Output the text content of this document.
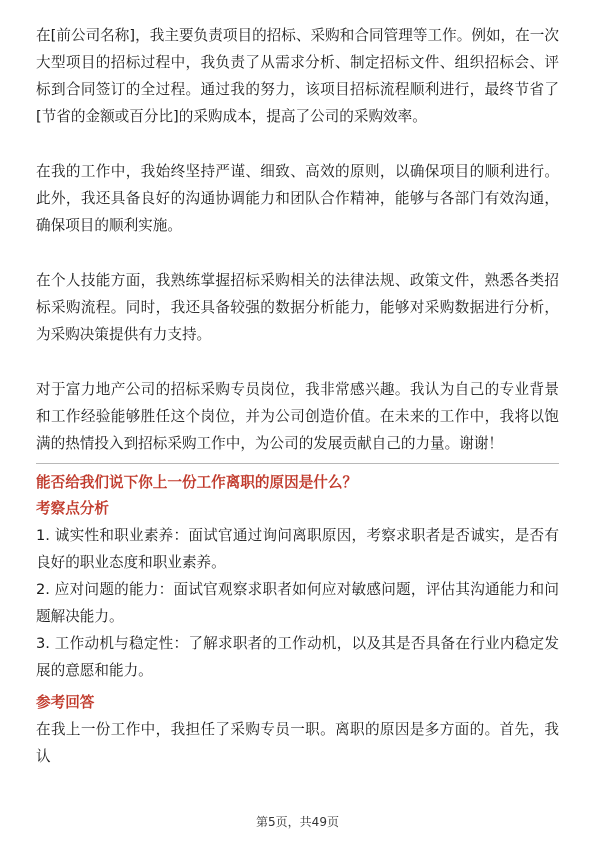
在[前公司名称]，我主要负责项目的招标、采购和合同管理等工作。例如，在一次大型项目的招标过程中，我负责了从需求分析、制定招标文件、组织招标会、评标到合同签订的全过程。通过我的努力，该项目招标流程顺利进行，最终节省了[节省的金额或百分比]的采购成本，提高了公司的采购效率。

在我的工作中，我始终坚持严谨、细致、高效的原则，以确保项目的顺利进行。此外，我还具备良好的沟通协调能力和团队合作精神，能够与各部门有效沟通，确保项目的顺利实施。

在个人技能方面，我熟练掌握招标采购相关的法律法规、政策文件，熟悉各类招标采购流程。同时，我还具备较强的数据分析能力，能够对采购数据进行分析，为采购决策提供有力支持。

对于富力地产公司的招标采购专员岗位，我非常感兴趣。我认为自己的专业背景和工作经验能够胜任这个岗位，并为公司创造价值。在未来的工作中，我将以饱满的热情投入到招标采购工作中，为公司的发展贡献自己的力量。谢谢！

能否给我们说下你上一份工作离职的原因是什么？

考察点分析

1. 诚实性和职业素养：面试官通过询问离职原因，考察求职者是否诚实，是否有良好的职业态度和职业素养。

2. 应对问题的能力：面试官观察求职者如何应对敏感问题，评估其沟通能力和问题解决能力。

3. 工作动机与稳定性：了解求职者的工作动机，以及其是否具备在行业内稳定发展的意愿和能力。

参考回答

在我上一份工作中，我担任了采购专员一职。离职的原因是多方面的。首先，我认

第5页，共49页
